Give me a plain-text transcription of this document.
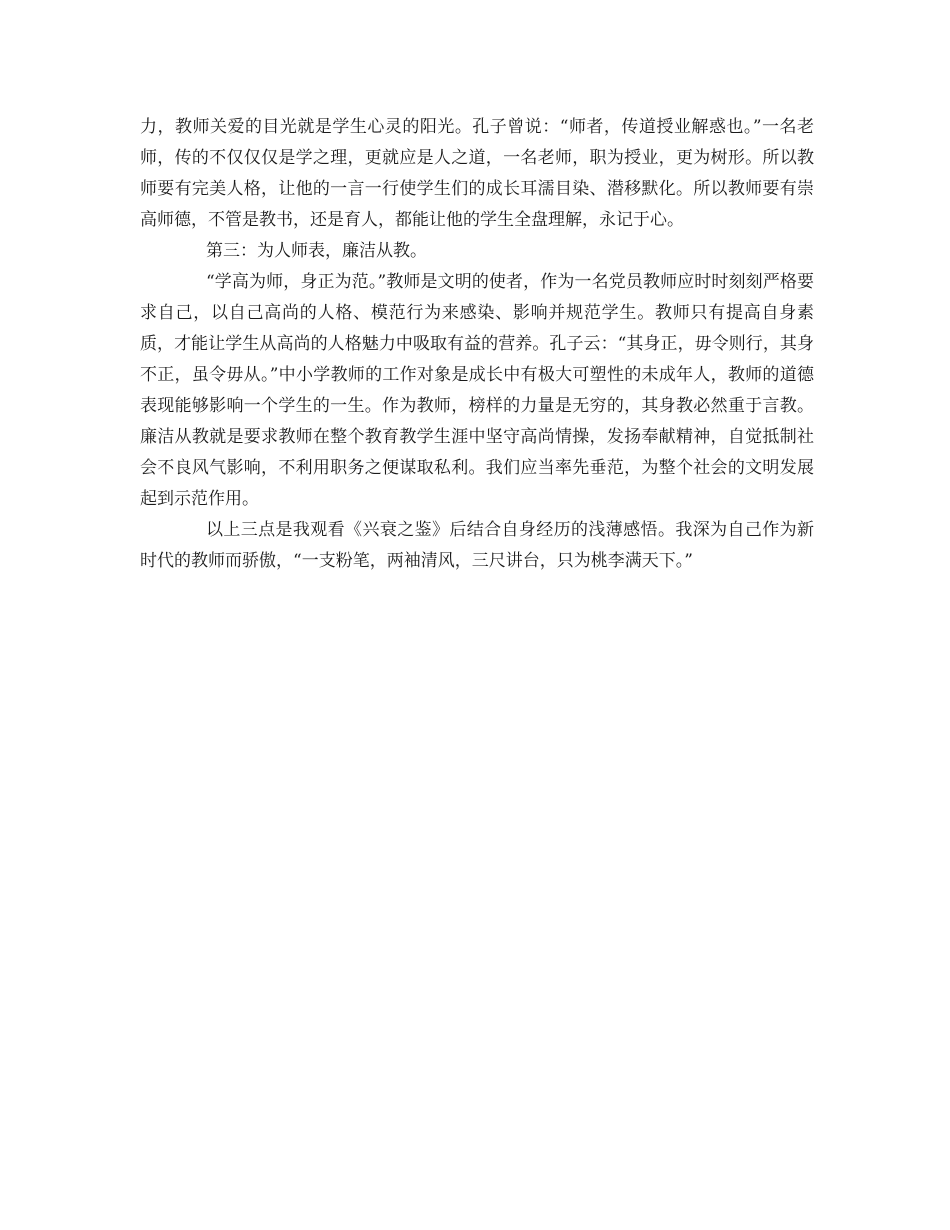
力，教师关爱的目光就是学生心灵的阳光。孔子曾说：“师者，传道授业解惑也。”一名老师，传的不仅仅仅是学之理，更就应是人之道，一名老师，职为授业，更为树形。所以教师要有完美人格，让他的一言一行使学生们的成长耳濡目染、潜移默化。所以教师要有崇高师德，不管是教书，还是育人，都能让他的学生全盘理解，永记于心。

第三：为人师表，廉洁从教。

“学高为师，身正为范。”教师是文明的使者，作为一名党员教师应时时刻刻严格要求自己，以自己高尚的人格、模范行为来感染、影响并规范学生。教师只有提高自身素质，才能让学生从高尚的人格魅力中吸取有益的营养。孔子云：“其身正，毋令则行，其身不正，虽令毋从。”中小学教师的工作对象是成长中有极大可塑性的未成年人，教师的道德表现能够影响一个学生的一生。作为教师，榜样的力量是无穷的，其身教必然重于言教。廉洁从教就是要求教师在整个教育教学生涯中坚守高尚情操，发扬奉献精神，自觉抵制社会不良风气影响，不利用职务之便谋取私利。我们应当率先垂范，为整个社会的文明发展起到示范作用。

以上三点是我观看《兴衰之鉴》后结合自身经历的浅薄感悟。我深为自己作为新时代的教师而骄傲，“一支粉笔，两袖清风，三尺讲台，只为桃李满天下。”
